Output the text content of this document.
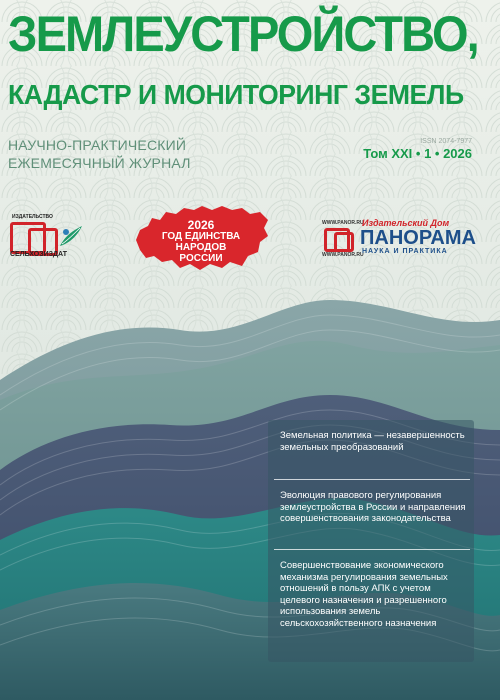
ЗЕМЛЕУСТРОЙСТВО,
КАДАСТР И МОНИТОРИНГ ЗЕМЕЛЬ
НАУЧНО-ПРАКТИЧЕСКИЙ
ЕЖЕМЕСЯЧНЫЙ ЖУРНАЛ
ISSN 2074-7977
Том XXI • 1 • 2026
ИЗДАТЕЛЬСТВО
СЕЛЬХОЗИЗДАТ
2026
ГОД ЕДИНСТВА
НАРОДОВ
РОССИИ
WWW.PANOR.RU
WWW.PANOR.RU
Издательский Дом
ПАНОРАМА
НАУКА И ПРАКТИКА
Земельная политика — незавершенность земельных преобразований
Эволюция правового регулирования землеустройства в России и направления совершенствования законодательства
Совершенствование экономического механизма регулирования земельных отношений в пользу АПК с учетом целевого назначения и разрешенного использования земель сельскохозяйственного назначения
